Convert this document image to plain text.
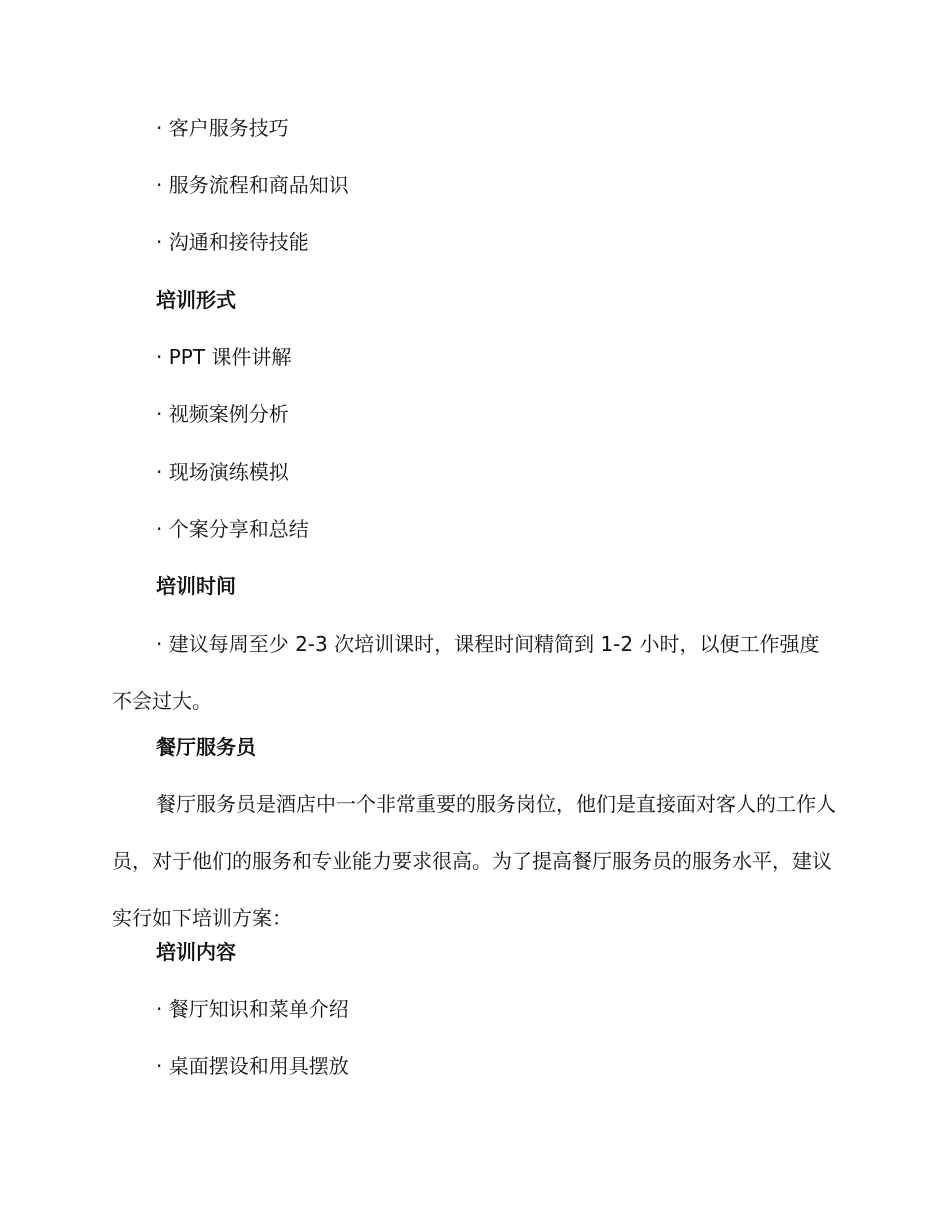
· 客户服务技巧
· 服务流程和商品知识
· 沟通和接待技能
培训形式
· PPT 课件讲解
· 视频案例分析
· 现场演练模拟
· 个案分享和总结
培训时间
· 建议每周至少 2-3 次培训课时，课程时间精简到 1-2 小时，以便工作强度不会过大。
餐厅服务员
餐厅服务员是酒店中一个非常重要的服务岗位，他们是直接面对客人的工作人员，对于他们的服务和专业能力要求很高。为了提高餐厅服务员的服务水平，建议实行如下培训方案：
培训内容
· 餐厅知识和菜单介绍
· 桌面摆设和用具摆放
